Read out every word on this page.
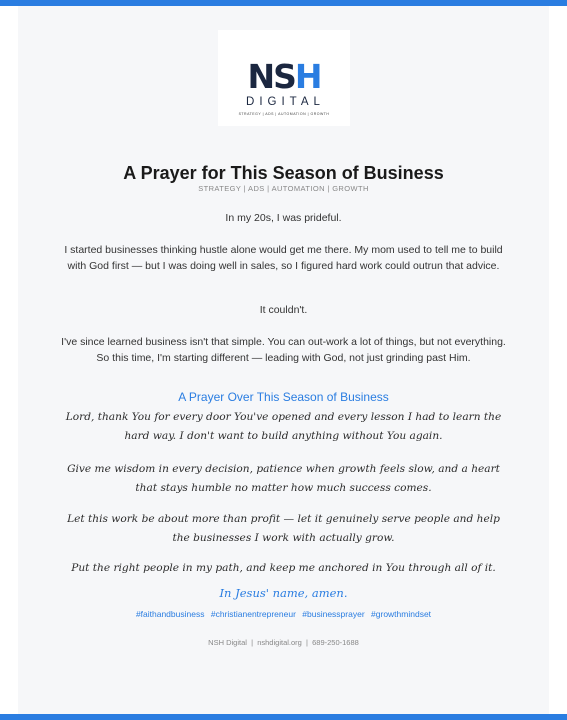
NSH
DIGITAL
STRATEGY | ADS | AUTOMATION | GROWTH
A Prayer for This Season of Business
STRATEGY | ADS | AUTOMATION | GROWTH

In my 20s, I was prideful.

I started businesses thinking hustle alone would get me there. My mom used to tell me to build with God first — but I was doing well in sales, so I figured hard work could outrun that advice.

It couldn't.

I've since learned business isn't that simple. You can out-work a lot of things, but not everything. So this time, I'm starting different — leading with God, not just grinding past Him.

A Prayer Over This Season of Business

Lord, thank You for every door You've opened and every lesson I had to learn the hard way. I don't want to build anything without You again.

Give me wisdom in every decision, patience when growth feels slow, and a heart that stays humble no matter how much success comes.

Let this work be about more than profit — let it genuinely serve people and help the businesses I work with actually grow.

Put the right people in my path, and keep me anchored in You through all of it.

In Jesus' name, amen.
#faithandbusiness #christianentrepreneur #businessprayer #growthmindset
NSH Digital  |  nshdigital.org  |  689-250-1688
